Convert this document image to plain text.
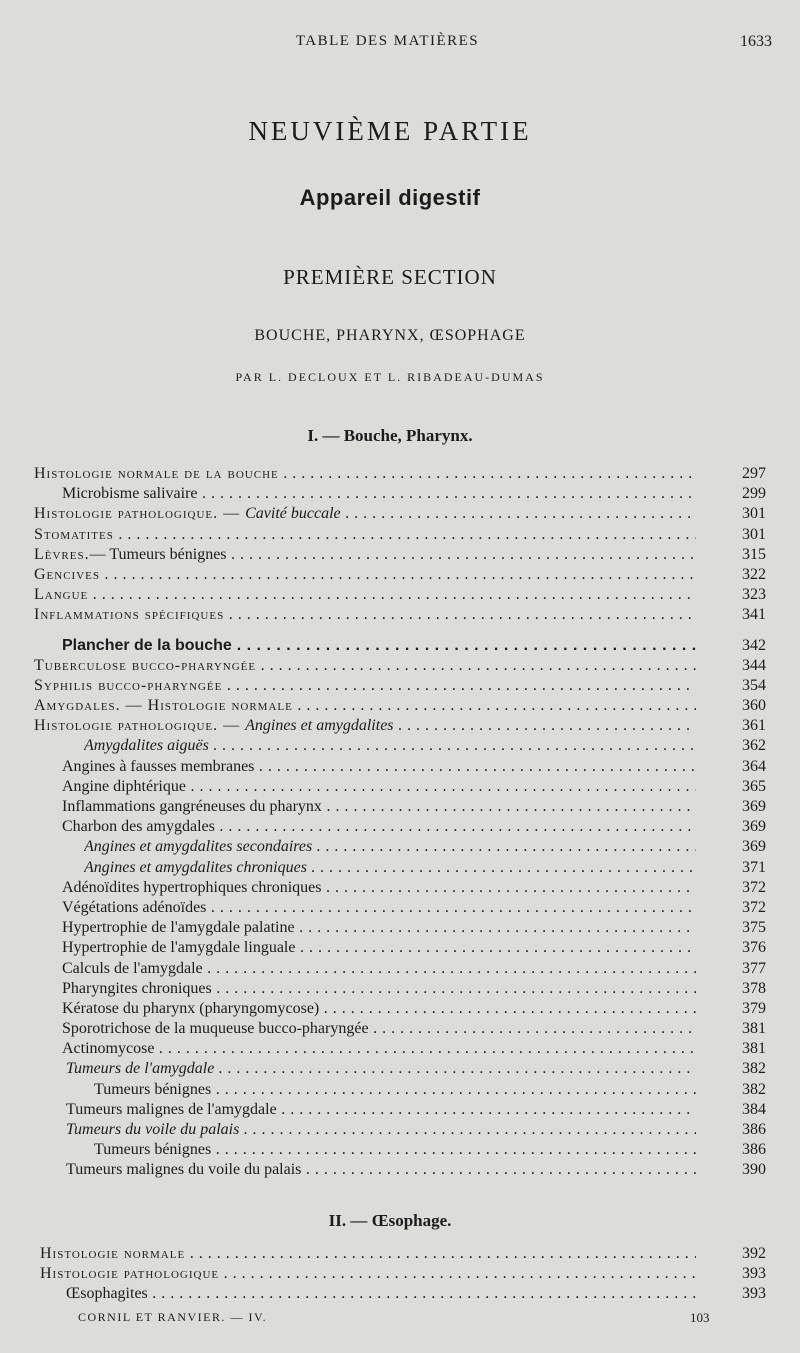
TABLE DES MATIÈRES	1633
NEUVIÈME PARTIE
Appareil digestif
PREMIÈRE SECTION
BOUCHE, PHARYNX, ŒSOPHAGE
PAR L. DECLOUX ET L. RIBADEAU-DUMAS
I. — Bouche, Pharynx.
Histologie normale de la bouche . . .	297
Microbisme salivaire . . .	299
Histologie pathologique. — Cavité buccale . . .	301
Stomatites . . .	301
Lèvres.— Tumeurs bénignes . . .	315
Gencives . . .	322
Langue . . .	323
Inflammations spécifiques . . .	341
Plancher de la bouche . . .	342
Tuberculose bucco-pharyngée . . .	344
Syphilis bucco-pharyngée . . .	354
Amygdales. — Histologie normale . . .	360
Histologie pathologique. — Angines et amygdalites . . .	361
Amygdalites aiguës . . .	362
Angines à fausses membranes . . .	364
Angine diphtérique . . .	365
Inflammations gangréneuses du pharynx . . .	369
Charbon des amygdales . . .	369
Angines et amygdalites secondaires . . .	369
Angines et amygdalites chroniques . . .	371
Adénoïdites hypertrophiques chroniques . . .	372
Végétations adénoïdes . . .	372
Hypertrophie de l'amygdale palatine . . .	375
Hypertrophie de l'amygdale linguale . . .	376
Calculs de l'amygdale . . .	377
Pharyngites chroniques . . .	378
Kératose du pharynx (pharyngomycose) . . .	379
Sporotrichose de la muqueuse bucco-pharyngée . . .	381
Actinomycose . . .	381
Tumeurs de l'amygdale . . .	382
Tumeurs bénignes . . .	382
Tumeurs malignes de l'amygdale . . .	384
Tumeurs du voile du palais . . .	386
Tumeurs bénignes . . .	386
Tumeurs malignes du voile du palais . . .	390
II. — Œsophage.
Histologie normale . . .	392
Histologie pathologique . . .	393
Œsophagites . . .	393
CORNIL ET RANVIER. — IV.	103
